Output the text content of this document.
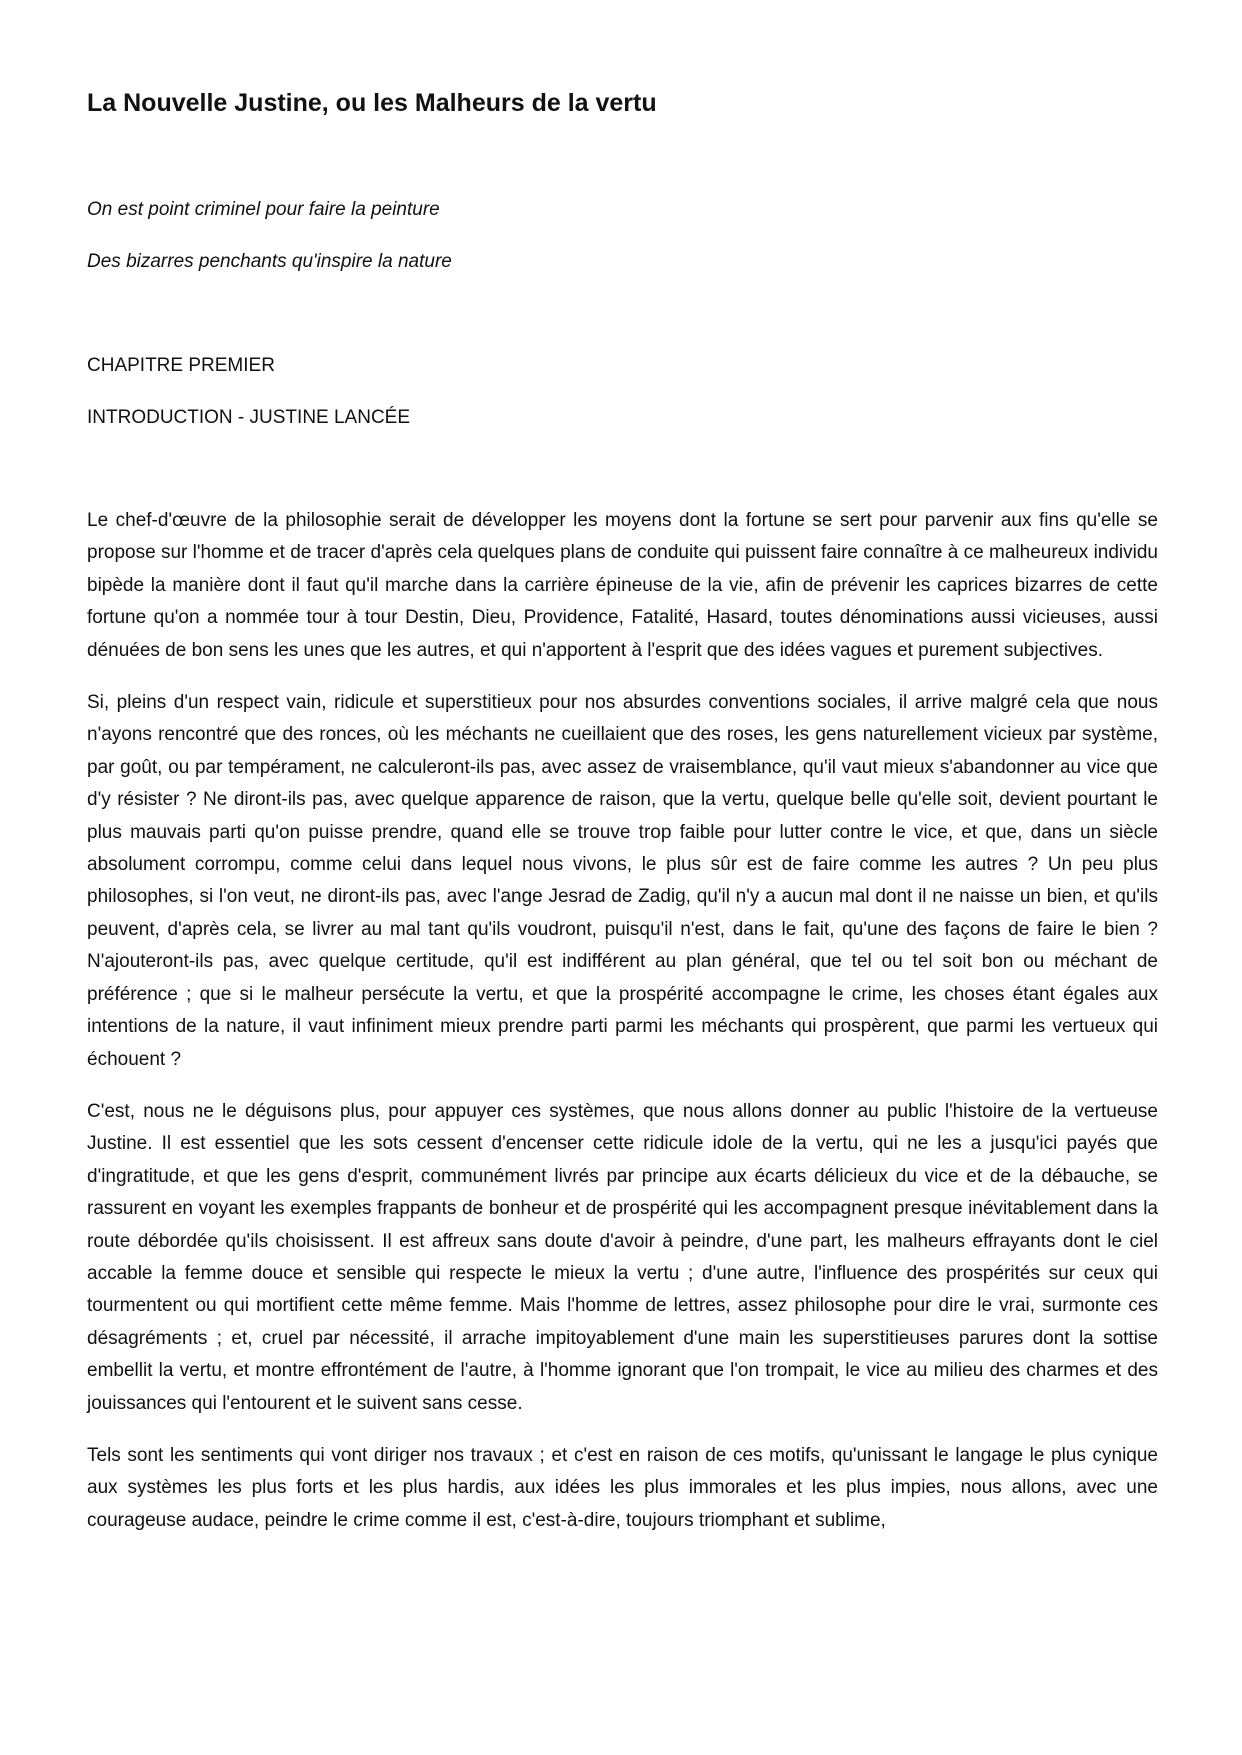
La Nouvelle Justine, ou les Malheurs de la vertu

On est point criminel pour faire la peinture

Des bizarres penchants qu'inspire la nature

CHAPITRE PREMIER

INTRODUCTION - JUSTINE LANCÉE

Le chef-d'œuvre de la philosophie serait de développer les moyens dont la fortune se sert pour parvenir aux fins qu'elle se propose sur l'homme et de tracer d'après cela quelques plans de conduite qui puissent faire connaître à ce malheureux individu bipède la manière dont il faut qu'il marche dans la carrière épineuse de la vie, afin de prévenir les caprices bizarres de cette fortune qu'on a nommée tour à tour Destin, Dieu, Providence, Fatalité, Hasard, toutes dénominations aussi vicieuses, aussi dénuées de bon sens les unes que les autres, et qui n'apportent à l'esprit que des idées vagues et purement subjectives.

Si, pleins d'un respect vain, ridicule et superstitieux pour nos absurdes conventions sociales, il arrive malgré cela que nous n'ayons rencontré que des ronces, où les méchants ne cueillaient que des roses, les gens naturellement vicieux par système, par goût, ou par tempérament, ne calculeront-ils pas, avec assez de vraisemblance, qu'il vaut mieux s'abandonner au vice que d'y résister ? Ne diront-ils pas, avec quelque apparence de raison, que la vertu, quelque belle qu'elle soit, devient pourtant le plus mauvais parti qu'on puisse prendre, quand elle se trouve trop faible pour lutter contre le vice, et que, dans un siècle absolument corrompu, comme celui dans lequel nous vivons, le plus sûr est de faire comme les autres ? Un peu plus philosophes, si l'on veut, ne diront-ils pas, avec l'ange Jesrad de Zadig, qu'il n'y a aucun mal dont il ne naisse un bien, et qu'ils peuvent, d'après cela, se livrer au mal tant qu'ils voudront, puisqu'il n'est, dans le fait, qu'une des façons de faire le bien ? N'ajouteront-ils pas, avec quelque certitude, qu'il est indifférent au plan général, que tel ou tel soit bon ou méchant de préférence ; que si le malheur persécute la vertu, et que la prospérité accompagne le crime, les choses étant égales aux intentions de la nature, il vaut infiniment mieux prendre parti parmi les méchants qui prospèrent, que parmi les vertueux qui échouent ?

C'est, nous ne le déguisons plus, pour appuyer ces systèmes, que nous allons donner au public l'histoire de la vertueuse Justine. Il est essentiel que les sots cessent d'encenser cette ridicule idole de la vertu, qui ne les a jusqu'ici payés que d'ingratitude, et que les gens d'esprit, communément livrés par principe aux écarts délicieux du vice et de la débauche, se rassurent en voyant les exemples frappants de bonheur et de prospérité qui les accompagnent presque inévitablement dans la route débordée qu'ils choisissent. Il est affreux sans doute d'avoir à peindre, d'une part, les malheurs effrayants dont le ciel accable la femme douce et sensible qui respecte le mieux la vertu ; d'une autre, l'influence des prospérités sur ceux qui tourmentent ou qui mortifient cette même femme. Mais l'homme de lettres, assez philosophe pour dire le vrai, surmonte ces désagréments ; et, cruel par nécessité, il arrache impitoyablement d'une main les superstitieuses parures dont la sottise embellit la vertu, et montre effrontément de l'autre, à l'homme ignorant que l'on trompait, le vice au milieu des charmes et des jouissances qui l'entourent et le suivent sans cesse.

Tels sont les sentiments qui vont diriger nos travaux ; et c'est en raison de ces motifs, qu'unissant le langage le plus cynique aux systèmes les plus forts et les plus hardis, aux idées les plus immorales et les plus impies, nous allons, avec une courageuse audace, peindre le crime comme il est, c'est-à-dire, toujours triomphant et sublime,
